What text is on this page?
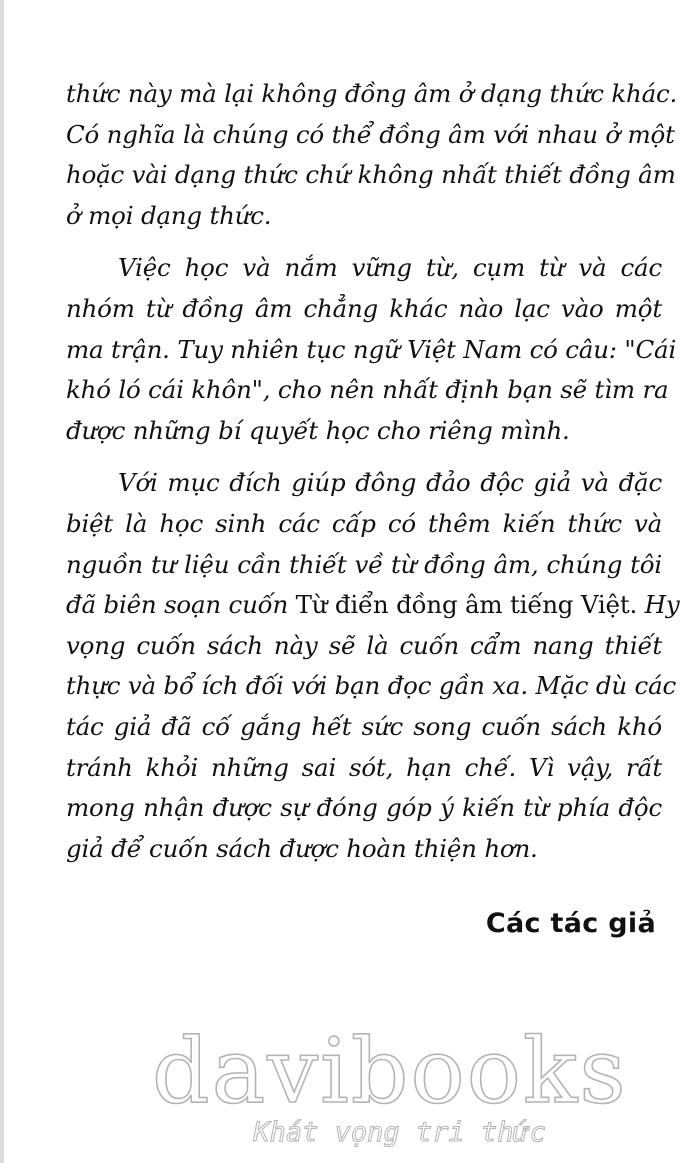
thức này mà lại không đồng âm ở dạng thức khác.
Có nghĩa là chúng có thể đồng âm với nhau ở một
hoặc vài dạng thức chứ không nhất thiết đồng âm
ở mọi dạng thức.
Việc học và nắm vững từ, cụm từ và các
nhóm từ đồng âm chẳng khác nào lạc vào một
ma trận. Tuy nhiên tục ngữ Việt Nam có câu: "Cái
khó ló cái khôn", cho nên nhất định bạn sẽ tìm ra
được những bí quyết học cho riêng mình.
Với mục đích giúp đông đảo độc giả và đặc
biệt là học sinh các cấp có thêm kiến thức và
nguồn tư liệu cần thiết về từ đồng âm, chúng tôi
đã biên soạn cuốn Từ điển đồng âm tiếng Việt. Hy
vọng cuốn sách này sẽ là cuốn cẩm nang thiết
thực và bổ ích đối với bạn đọc gần xa. Mặc dù các
tác giả đã cố gắng hết sức song cuốn sách khó
tránh khỏi những sai sót, hạn chế. Vì vậy, rất
mong nhận được sự đóng góp ý kiến từ phía độc
giả để cuốn sách được hoàn thiện hơn.
Các tác giả
davibooks
Khát vọng tri thức
